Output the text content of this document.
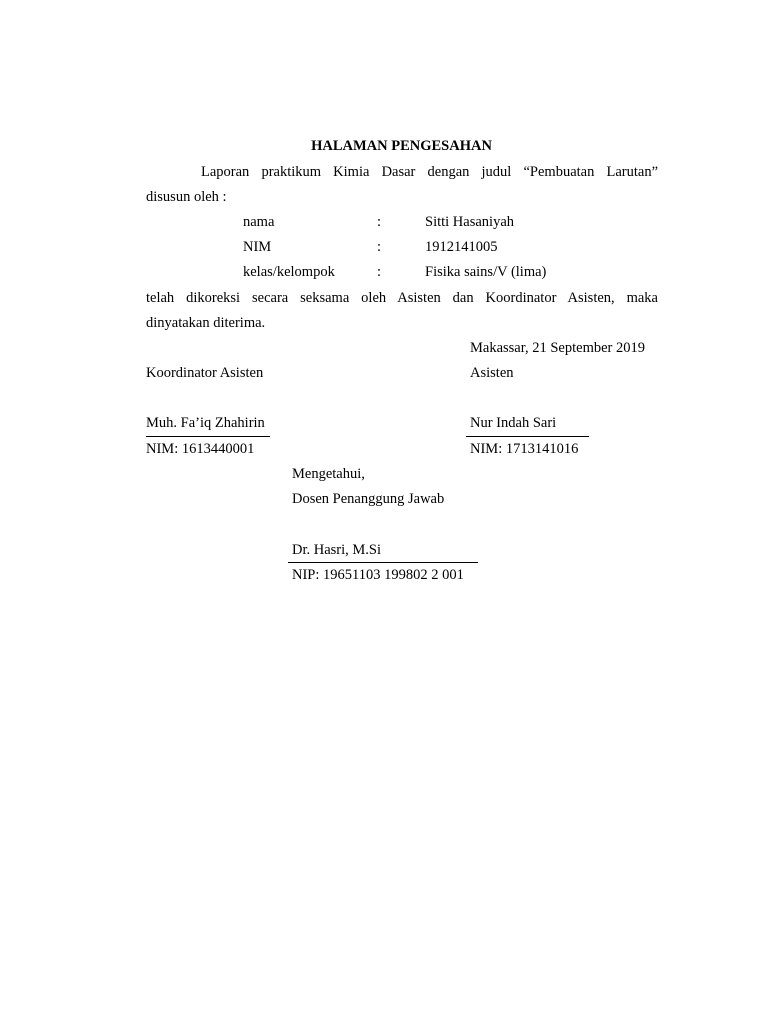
HALAMAN PENGESAHAN
Laporan praktikum Kimia Dasar dengan judul “Pembuatan Larutan”
disusun oleh :
nama	:	Sitti Hasaniyah
NIM	:	1912141005
kelas/kelompok	:	Fisika sains/V (lima)
telah dikoreksi secara seksama oleh Asisten dan Koordinator Asisten, maka
dinyatakan diterima.
Makassar, 21 September 2019
Koordinator Asisten	Asisten
Muh. Fa’iq Zhahirin
NIM: 1613440001
Nur Indah Sari
NIM: 1713141016
Mengetahui,
Dosen Penanggung Jawab
Dr. Hasri, M.Si
NIP: 19651103 199802 2 001
